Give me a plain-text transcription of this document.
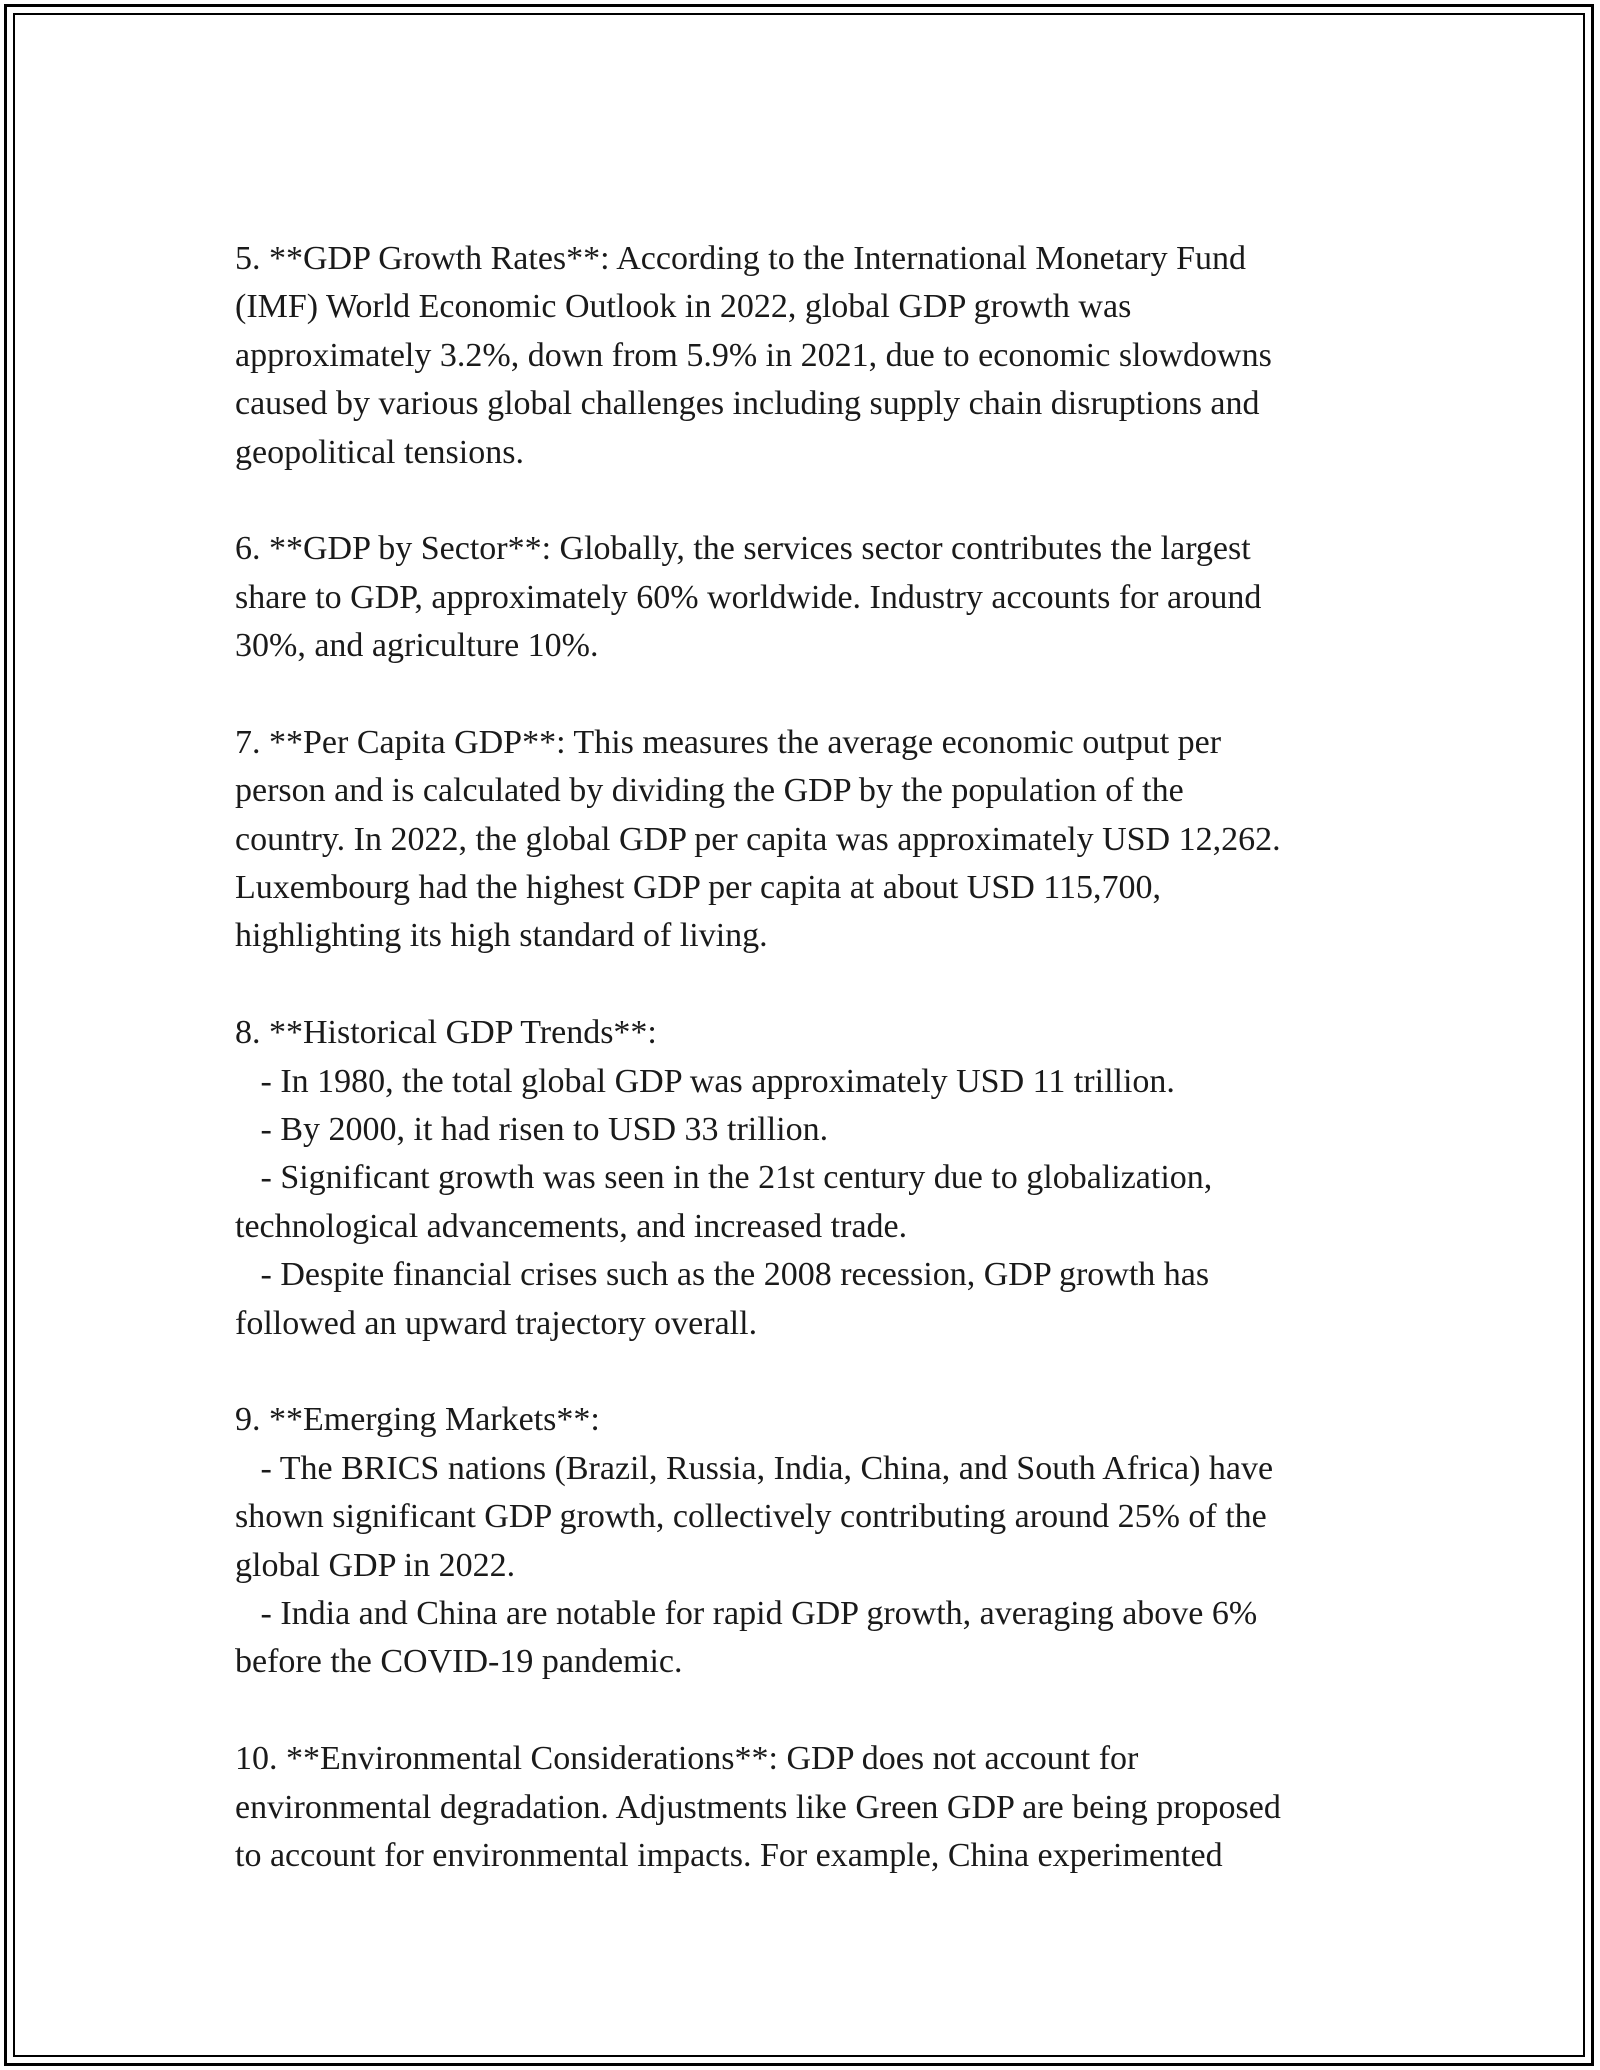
5. **GDP Growth Rates**: According to the International Monetary Fund
(IMF) World Economic Outlook in 2022, global GDP growth was
approximately 3.2%, down from 5.9% in 2021, due to economic slowdowns
caused by various global challenges including supply chain disruptions and
geopolitical tensions.
6. **GDP by Sector**: Globally, the services sector contributes the largest
share to GDP, approximately 60% worldwide. Industry accounts for around
30%, and agriculture 10%.
7. **Per Capita GDP**: This measures the average economic output per
person and is calculated by dividing the GDP by the population of the
country. In 2022, the global GDP per capita was approximately USD 12,262.
Luxembourg had the highest GDP per capita at about USD 115,700,
highlighting its high standard of living.
8. **Historical GDP Trends**:
- In 1980, the total global GDP was approximately USD 11 trillion.
- By 2000, it had risen to USD 33 trillion.
- Significant growth was seen in the 21st century due to globalization,
technological advancements, and increased trade.
- Despite financial crises such as the 2008 recession, GDP growth has
followed an upward trajectory overall.
9. **Emerging Markets**:
- The BRICS nations (Brazil, Russia, India, China, and South Africa) have
shown significant GDP growth, collectively contributing around 25% of the
global GDP in 2022.
- India and China are notable for rapid GDP growth, averaging above 6%
before the COVID-19 pandemic.
10. **Environmental Considerations**: GDP does not account for
environmental degradation. Adjustments like Green GDP are being proposed
to account for environmental impacts. For example, China experimented
